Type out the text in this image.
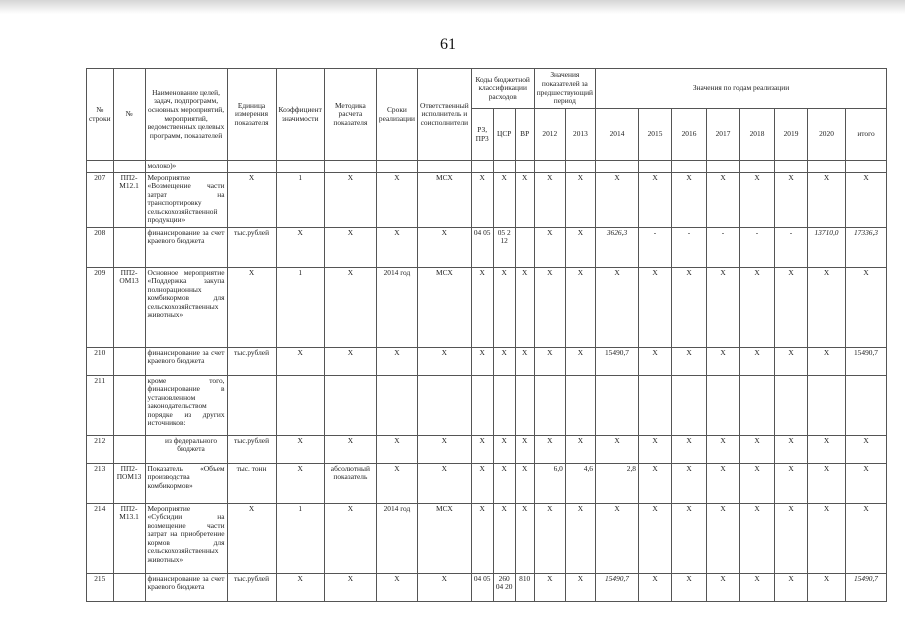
61
№ строки	№	Наименование целей, задач, подпрограмм, основных мероприятий, мероприятий, ведомственных целевых программ, показателей	Единица измерения показателя	Коэффициент значимости	Методика расчета показателя	Сроки реализации	Ответственный исполнитель и соисполнители	Коды бюджетной классификации расходов			Значения показателей за предшествующий период		Значения по годам реализации							
								РЗ, ПР3	ЦСР	ВР	2012	2013	2014	2015	2016	2017	2018	2019	2020	итого
		молоко)»																		
207	ПП2-М12.1	Мероприятие «Возмещение части затрат на транспортировку сельскохозяйственной продукции»	Х	1	Х	Х	МСХ	Х	Х	Х	Х	Х	Х	Х	Х	Х	Х	Х	Х	Х
208		финансирование за счет краевого бюджета	тыс.рублей	Х	Х	Х	Х	04 05	05 2 12		Х	Х	3626,3	-	-	-	-	-	13710,0	17336,3
209	ПП2-ОМ13	Основное мероприятие «Поддержка закупа полнорационных комбикормов для сельскохозяйственных животных»	Х	1	Х	2014 год	МСХ	Х	Х	Х	Х	Х	Х	Х	Х	Х	Х	Х	Х	Х
210		финансирование за счет краевого бюджета	тыс.рублей	Х	Х	Х	Х	Х	Х	Х	Х	Х	15490,7	Х	Х	Х	Х	Х	Х	15490,7
211		кроме того, финансирование в установленном законодательством порядке из других источников:																		
212		из федерального бюджета	тыс.рублей	Х	Х	Х	Х	Х	Х	Х	Х	Х	Х	Х	Х	Х	Х	Х	Х	Х
213	ПП2-ПОМ13	Показатель «Объем производства комбикормов»	тыс. тонн	Х	абсолютный показатель	Х	Х	Х	Х	Х	6,0	4,6	2,8	Х	Х	Х	Х	Х	Х	Х
214	ПП2-М13.1	Мероприятие «Субсидии на возмещение части затрат на приобретение кормов для сельскохозяйственных животных»	Х	1	Х	2014 год	МСХ	Х	Х	Х	Х	Х	Х	Х	Х	Х	Х	Х	Х	Х
215		финансирование за счет краевого бюджета	тыс.рублей	Х	Х	Х	Х	04 05	260 04 20	810	Х	Х	15490,7	Х	Х	Х	Х	Х	Х	15490,7
